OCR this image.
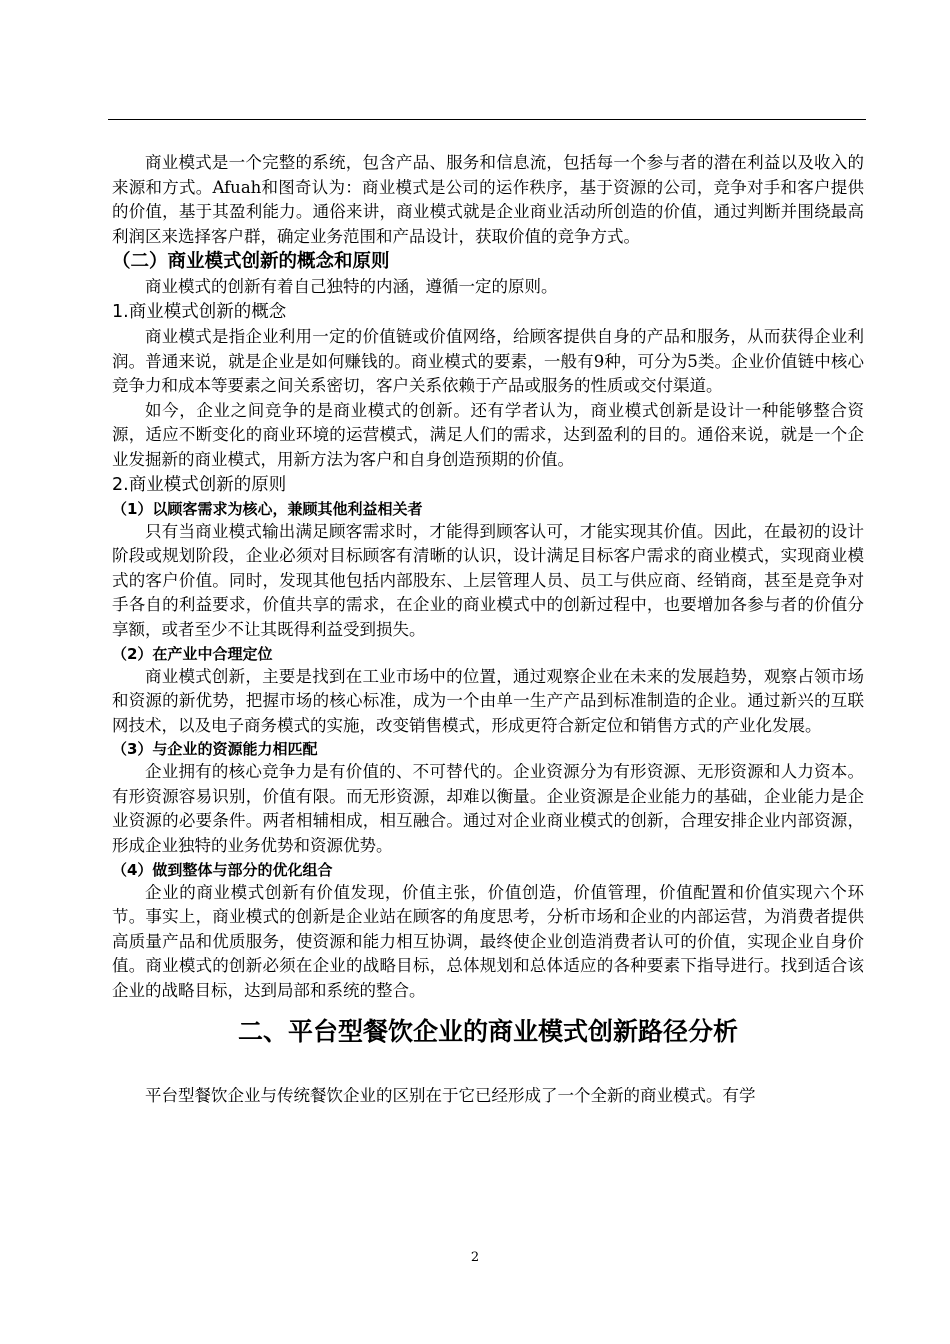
商业模式是一个完整的系统，包含产品、服务和信息流，包括每一个参与者的潜在利益以及收入的来源和方式。Afuah和图奇认为：商业模式是公司的运作秩序，基于资源的公司，竞争对手和客户提供的价值，基于其盈利能力。通俗来讲，商业模式就是企业商业活动所创造的价值，通过判断并围绕最高利润区来选择客户群，确定业务范围和产品设计，获取价值的竞争方式。

（二）商业模式创新的概念和原则

商业模式的创新有着自己独特的内涵，遵循一定的原则。

1.商业模式创新的概念

商业模式是指企业利用一定的价值链或价值网络，给顾客提供自身的产品和服务，从而获得企业利润。普通来说，就是企业是如何赚钱的。商业模式的要素，一般有9种，可分为5类。企业价值链中核心竞争力和成本等要素之间关系密切，客户关系依赖于产品或服务的性质或交付渠道。

如今，企业之间竞争的是商业模式的创新。还有学者认为，商业模式创新是设计一种能够整合资源，适应不断变化的商业环境的运营模式，满足人们的需求，达到盈利的目的。通俗来说，就是一个企业发掘新的商业模式，用新方法为客户和自身创造预期的价值。

2.商业模式创新的原则
（1）以顾客需求为核心，兼顾其他利益相关者

只有当商业模式输出满足顾客需求时，才能得到顾客认可，才能实现其价值。因此，在最初的设计阶段或规划阶段，企业必须对目标顾客有清晰的认识，设计满足目标客户需求的商业模式，实现商业模式的客户价值。同时，发现其他包括内部股东、上层管理人员、员工与供应商、经销商，甚至是竞争对手各自的利益要求，价值共享的需求，在企业的商业模式中的创新过程中，也要增加各参与者的价值分享额，或者至少不让其既得利益受到损失。

（2）在产业中合理定位

商业模式创新，主要是找到在工业市场中的位置，通过观察企业在未来的发展趋势，观察占领市场和资源的新优势，把握市场的核心标准，成为一个由单一生产产品到标准制造的企业。通过新兴的互联网技术，以及电子商务模式的实施，改变销售模式，形成更符合新定位和销售方式的产业化发展。

（3）与企业的资源能力相匹配

企业拥有的核心竞争力是有价值的、不可替代的。企业资源分为有形资源、无形资源和人力资本。有形资源容易识别，价值有限。而无形资源，却难以衡量。企业资源是企业能力的基础，企业能力是企业资源的必要条件。两者相辅相成，相互融合。通过对企业商业模式的创新，合理安排企业内部资源，形成企业独特的业务优势和资源优势。

（4）做到整体与部分的优化组合

企业的商业模式创新有价值发现，价值主张，价值创造，价值管理，价值配置和价值实现六个环节。事实上，商业模式的创新是企业站在顾客的角度思考，分析市场和企业的内部运营，为消费者提供高质量产品和优质服务，使资源和能力相互协调，最终使企业创造消费者认可的价值，实现企业自身价值。商业模式的创新必须在企业的战略目标，总体规划和总体适应的各种要素下指导进行。找到适合该企业的战略目标，达到局部和系统的整合。

二、平台型餐饮企业的商业模式创新路径分析

平台型餐饮企业与传统餐饮企业的区别在于它已经形成了一个全新的商业模式。有学

2
